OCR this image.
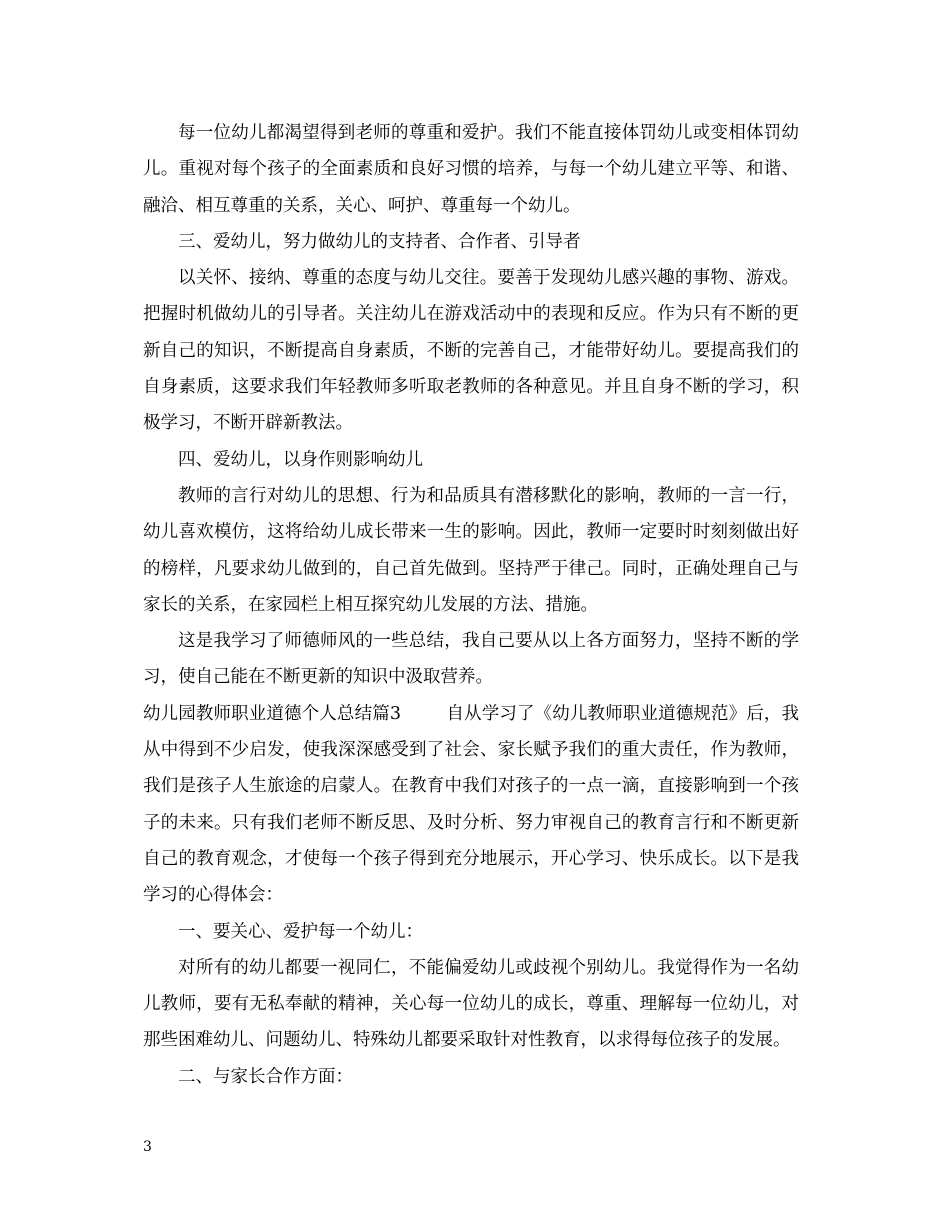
每一位幼儿都渴望得到老师的尊重和爱护。我们不能直接体罚幼儿或变相体罚幼儿。重视对每个孩子的全面素质和良好习惯的培养，与每一个幼儿建立平等、和谐、融洽、相互尊重的关系，关心、呵护、尊重每一个幼儿。

三、爱幼儿，努力做幼儿的支持者、合作者、引导者

以关怀、接纳、尊重的态度与幼儿交往。要善于发现幼儿感兴趣的事物、游戏。把握时机做幼儿的引导者。关注幼儿在游戏活动中的表现和反应。作为只有不断的更新自己的知识，不断提高自身素质，不断的完善自己，才能带好幼儿。要提高我们的自身素质，这要求我们年轻教师多听取老教师的各种意见。并且自身不断的学习，积极学习，不断开辟新教法。

四、爱幼儿，以身作则影响幼儿

教师的言行对幼儿的思想、行为和品质具有潜移默化的影响，教师的一言一行，幼儿喜欢模仿，这将给幼儿成长带来一生的影响。因此，教师一定要时时刻刻做出好的榜样，凡要求幼儿做到的，自己首先做到。坚持严于律己。同时，正确处理自己与家长的关系，在家园栏上相互探究幼儿发展的方法、措施。

这是我学习了师德师风的一些总结，我自己要从以上各方面努力，坚持不断的学习，使自己能在不断更新的知识中汲取营养。

幼儿园教师职业道德个人总结篇3	自从学习了《幼儿教师职业道德规范》后，我从中得到不少启发，使我深深感受到了社会、家长赋予我们的重大责任，作为教师，我们是孩子人生旅途的启蒙人。在教育中我们对孩子的一点一滴，直接影响到一个孩子的未来。只有我们老师不断反思、及时分析、努力审视自己的教育言行和不断更新自己的教育观念，才使每一个孩子得到充分地展示，开心学习、快乐成长。以下是我学习的心得体会：

一、要关心、爱护每一个幼儿：

对所有的幼儿都要一视同仁，不能偏爱幼儿或歧视个别幼儿。我觉得作为一名幼儿教师，要有无私奉献的精神，关心每一位幼儿的成长，尊重、理解每一位幼儿，对那些困难幼儿、问题幼儿、特殊幼儿都要采取针对性教育，以求得每位孩子的发展。

二、与家长合作方面：

3
